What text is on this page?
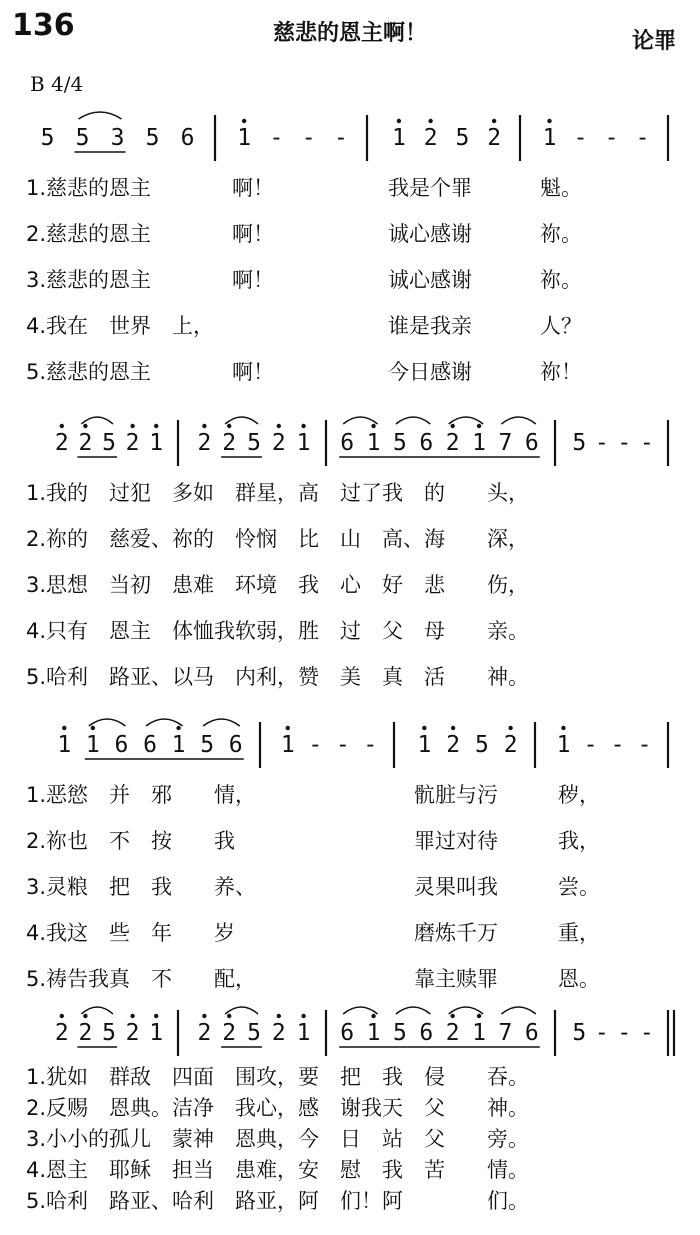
136	慈悲的恩主啊！	论罪
B 4/4
5 5 3 5 6 1 - - - 1 2 5 2 1 - - -
1.慈悲的恩主	啊！	我是个罪	魁。
2.慈悲的恩主	啊！	诚心感谢	祢。
3.慈悲的恩主	啊！	诚心感谢	祢。
4.我在　世界　上，	谁是我亲	人？
5.慈悲的恩主	啊！	今日感谢	祢！
2 2 5 2 1 2 2 5 2 1 6 1 5 6 2 1 7 6 5 - - -
1.我的　过犯　多如　群星，高　过了我　的　　头，
2.祢的　慈爱、祢的　怜悯　比　山　高、海　　深，
3.思想　当初　患难　环境　我　心　好　悲　　伤，
4.只有　恩主　体恤我软弱，胜　过　父　母　　亲。
5.哈利　路亚、以马　内利，赞　美　真　活　　神。
1 1 6 6 1 5 6 1 - - - 1 2 5 2 1 - - -
1.恶慾　并　邪　　情，	骯脏与污	秽，
2.祢也　不　按　　我	罪过对待	我，
3.灵粮　把　我　　养、	灵果叫我	尝。
4.我这　些　年　　岁	磨炼千万	重，
5.祷告我真　不　　配，	靠主赎罪	恩。
2 2 5 2 1 2 2 5 2 1 6 1 5 6 2 1 7 6 5 - - -
1.犹如　群敌　四面　围攻，要　把　我　侵　　吞。
2.反赐　恩典。洁净　我心，感　谢我天　父　　神。
3.小小的孤儿　蒙神　恩典，今　日　站　父　　旁。
4.恩主　耶稣　担当　患难，安　慰　我　苦　　情。
5.哈利　路亚、哈利　路亚，阿　们！阿　　　　们。
